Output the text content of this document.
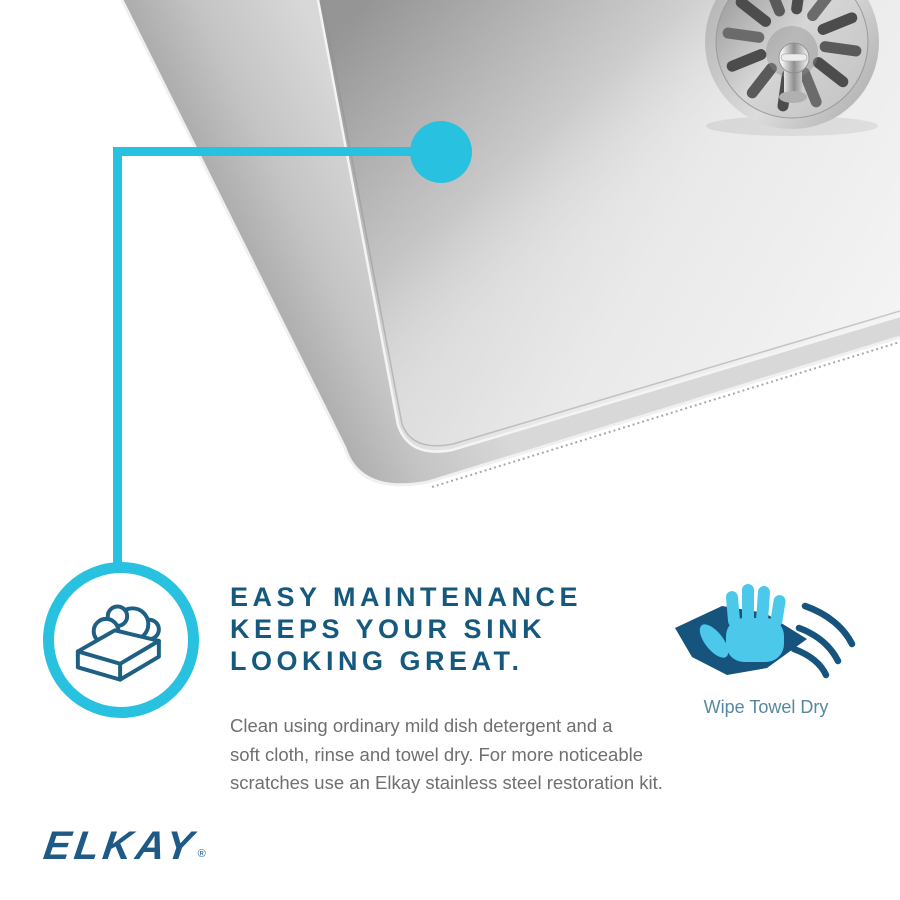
EASY MAINTENANCE
KEEPS YOUR SINK
LOOKING GREAT.
Clean using ordinary mild dish detergent and a
soft cloth, rinse and towel dry. For more noticeable
scratches use an Elkay stainless steel restoration kit.
Wipe Towel Dry
ELKAY®
